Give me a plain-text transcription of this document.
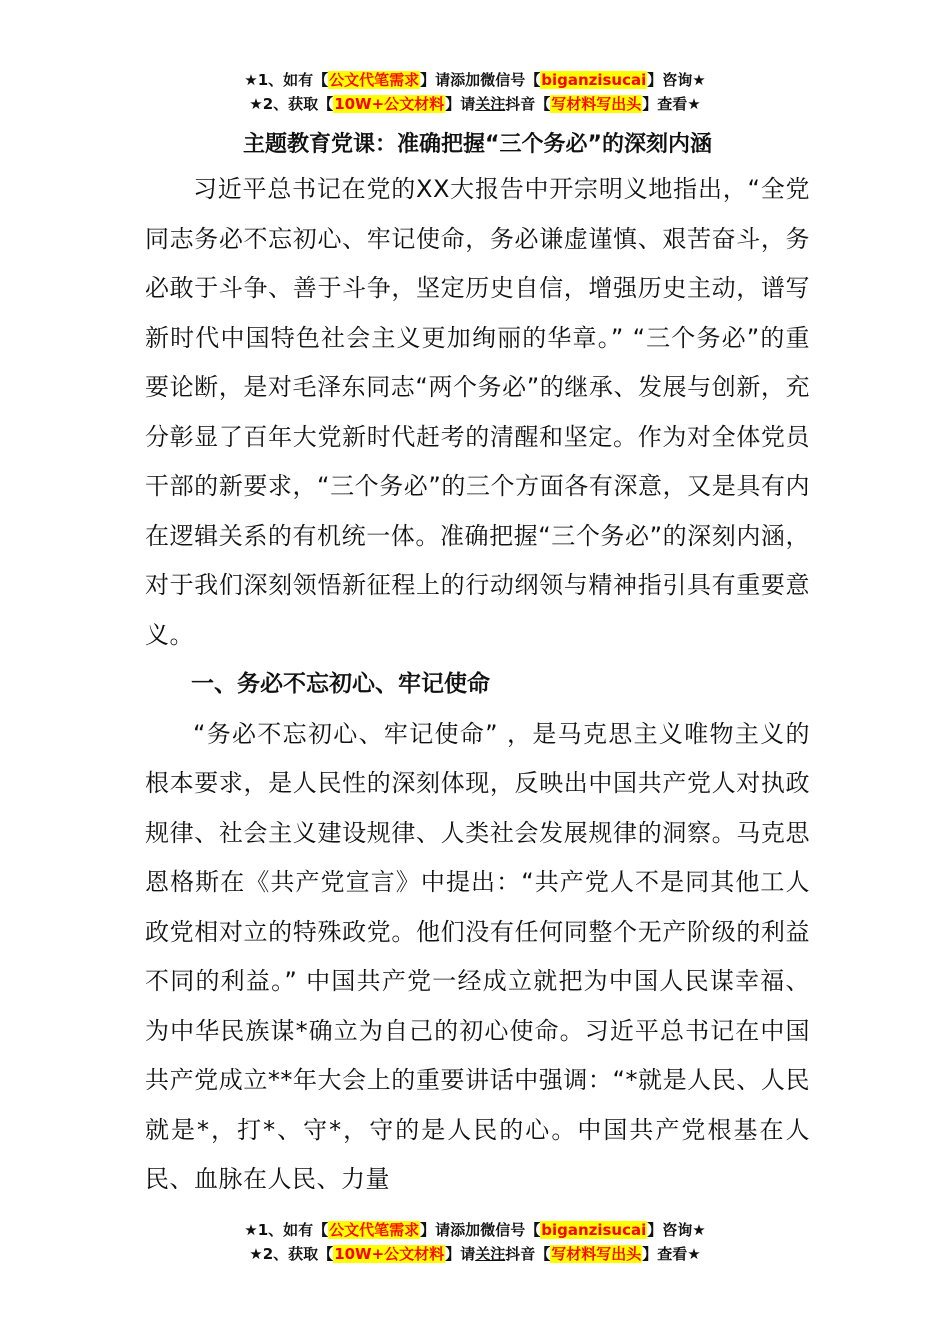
★1、如有【公文代笔需求】请添加微信号【biganzisucai】咨询★
★2、获取【10W+公文材料】请关注抖音【写材料写出头】查看★
主题教育党课：准确把握“三个务必”的深刻内涵

习近平总书记在党的XX大报告中开宗明义地指出，“全党同志务必不忘初心、牢记使命，务必谦虚谨慎、艰苦奋斗，务必敢于斗争、善于斗争，坚定历史自信，增强历史主动，谱写新时代中国特色社会主义更加绚丽的华章。” “三个务必”的重要论断，是对毛泽东同志“两个务必”的继承、发展与创新，充分彰显了百年大党新时代赶考的清醒和坚定。作为对全体党员干部的新要求，“三个务必”的三个方面各有深意，又是具有内在逻辑关系的有机统一体。准确把握“三个务必”的深刻内涵，对于我们深刻领悟新征程上的行动纲领与精神指引具有重要意义。

一、务必不忘初心、牢记使命

“务必不忘初心、牢记使命” ，是马克思主义唯物主义的根本要求，是人民性的深刻体现，反映出中国共产党人对执政规律、社会主义建设规律、人类社会发展规律的洞察。马克思恩格斯在《共产党宣言》中提出：“共产党人不是同其他工人政党相对立的特殊政党。他们没有任何同整个无产阶级的利益不同的利益。” 中国共产党一经成立就把为中国人民谋幸福、为中华民族谋*确立为自己的初心使命。习近平总书记在中国共产党成立**年大会上的重要讲话中强调：“*就是人民、人民就是*，打*、守*，守的是人民的心。中国共产党根基在人民、血脉在人民、力量

★1、如有【公文代笔需求】请添加微信号【biganzisucai】咨询★
★2、获取【10W+公文材料】请关注抖音【写材料写出头】查看★
